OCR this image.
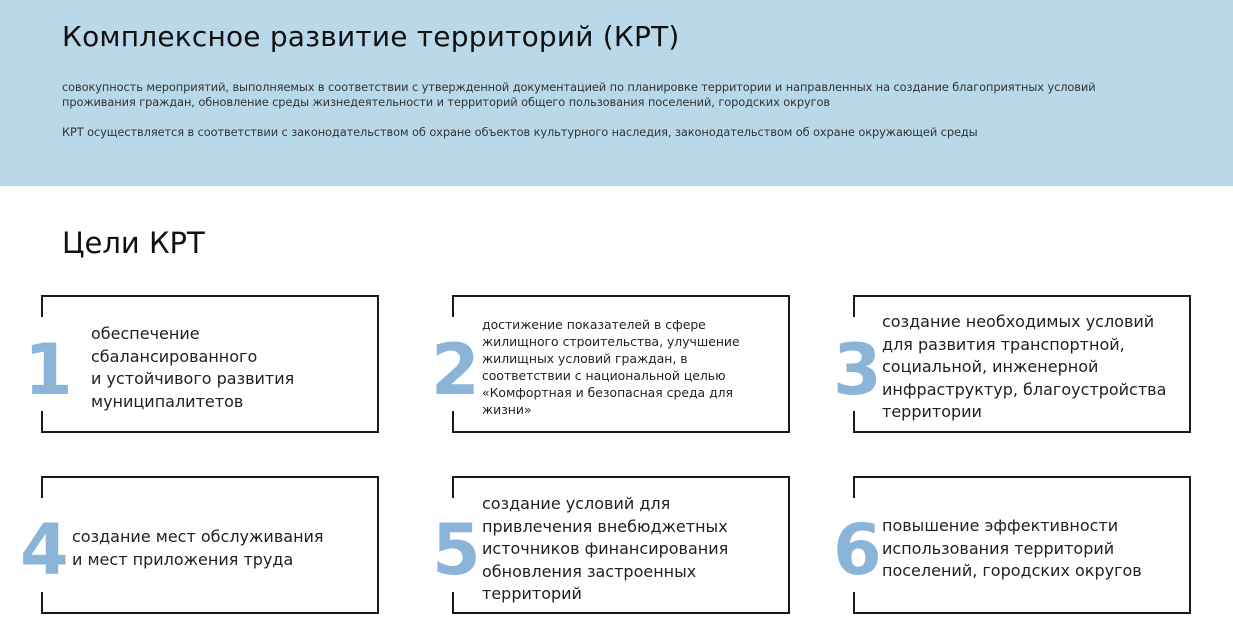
Комплексное развитие территорий (КРТ)

совокупность мероприятий, выполняемых в соответствии с утвержденной документацией по планировке территории и направленных на создание благоприятных условий проживания граждан, обновление среды жизнедеятельности и территорий общего пользования поселений, городских округов

КРТ осуществляется в соответствии с законодательством об охране объектов культурного наследия, законодательством об охране окружающей среды

Цели КРТ
1 обеспечение
сбалансированного
и устойчивого развития
муниципалитетов	2
достижение показателей в сфере
жилищного строительства, улучшение
жилищных условий граждан, в
соответствии с национальной целью
«Комфортная и безопасная среда для
жизни»	3
создание необходимых условий
для развития транспортной,
социальной, инженерной
инфраструктур, благоустройства
территории
4 создание мест обслуживания
и мест приложения труда	5
создание условий для
привлечения внебюджетных
источников финансирования
обновления застроенных
территорий
6 повышение эффективности
использования территорий
поселений, городских округов
